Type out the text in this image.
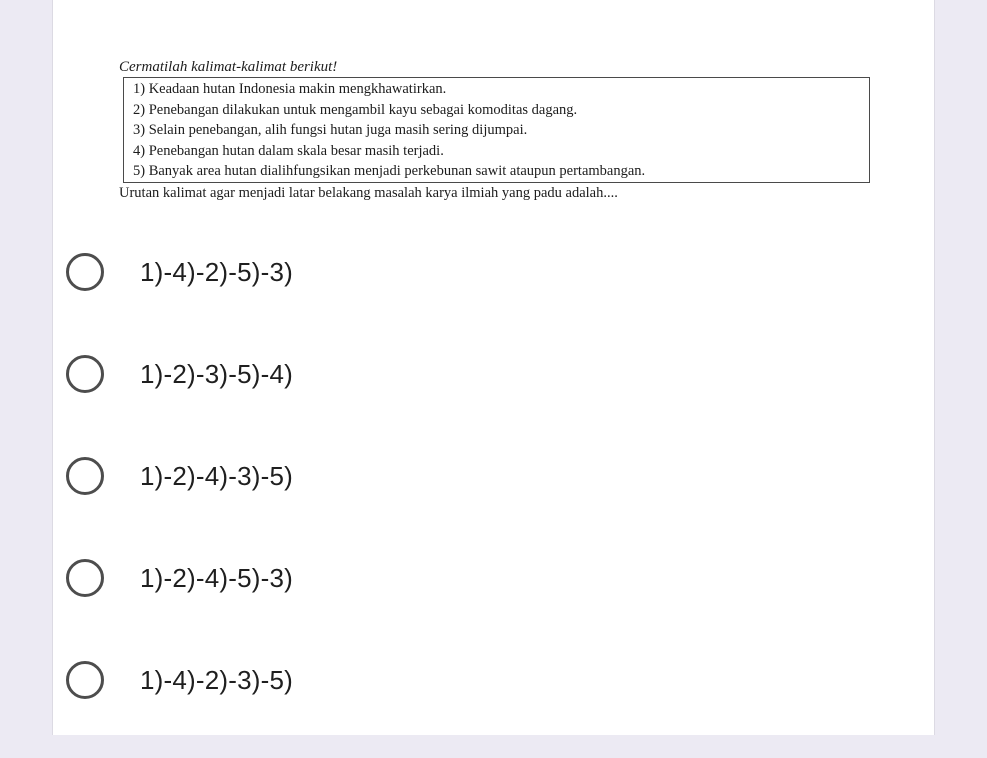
Cermatilah kalimat-kalimat berikut!

1) Keadaan hutan Indonesia makin mengkhawatirkan.
2) Penebangan dilakukan untuk mengambil kayu sebagai komoditas dagang.
3) Selain penebangan, alih fungsi hutan juga masih sering dijumpai.
4) Penebangan hutan dalam skala besar masih terjadi.
5) Banyak area hutan dialihfungsikan menjadi perkebunan sawit ataupun pertambangan.
Urutan kalimat agar menjadi latar belakang masalah karya ilmiah yang padu adalah....
1)-4)-2)-5)-3)
1)-2)-3)-5)-4)
1)-2)-4)-3)-5)
1)-2)-4)-5)-3)
1)-4)-2)-3)-5)
